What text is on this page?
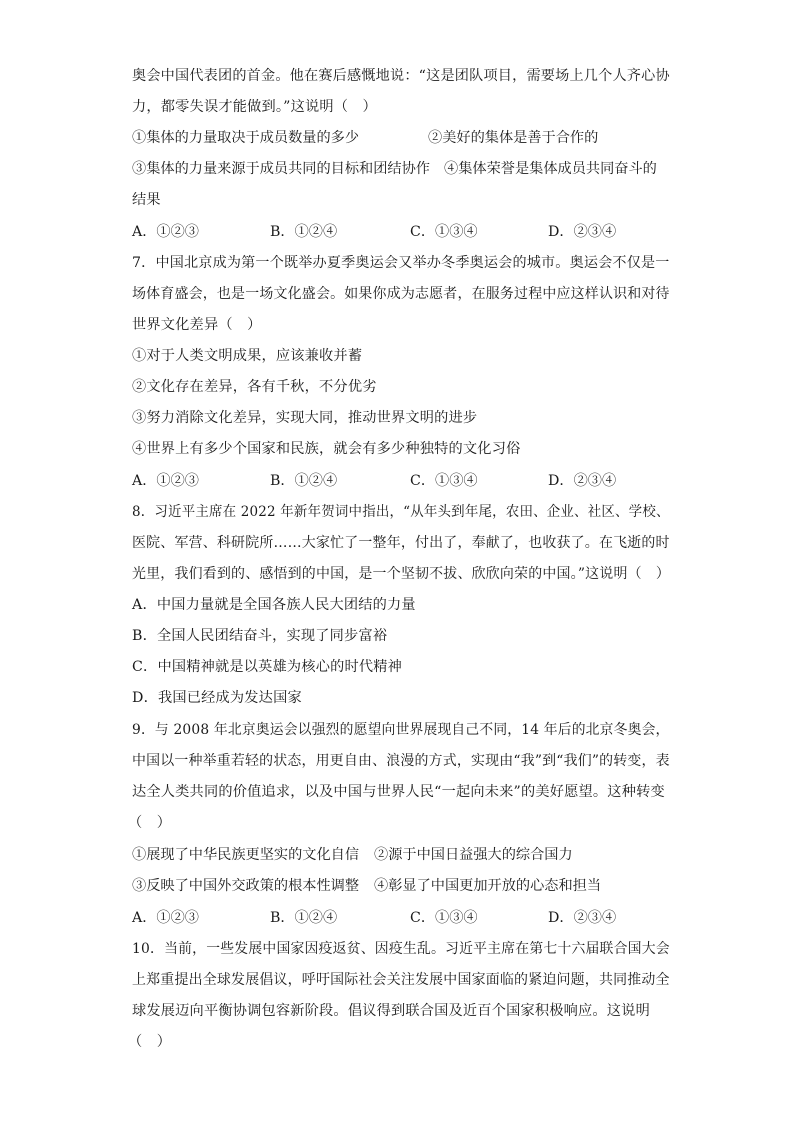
奥会中国代表团的首金。他在赛后感慨地说：“这是团队项目，需要场上几个人齐心协
力，都零失误才能做到。”这说明（　）
①集体的力量取决于成员数量的多少	②美好的集体是善于合作的
③集体的力量来源于成员共同的目标和团结协作 ④集体荣誉是集体成员共同奋斗的
结果
A．①②③	B．①②④	C．①③④	D．②③④
7．中国北京成为第一个既举办夏季奥运会又举办冬季奥运会的城市。奥运会不仅是一
场体育盛会，也是一场文化盛会。如果你成为志愿者，在服务过程中应这样认识和对待
世界文化差异（　）
①对于人类文明成果，应该兼收并蓄
②文化存在差异，各有千秋，不分优劣
③努力消除文化差异，实现大同，推动世界文明的进步
④世界上有多少个国家和民族，就会有多少种独特的文化习俗
A．①②③	B．①②④	C．①③④	D．②③④
8．习近平主席在 2022 年新年贺词中指出，“从年头到年尾，农田、企业、社区、学校、
医院、军营、科研院所……大家忙了一整年，付出了，奉献了，也收获了。在飞逝的时
光里，我们看到的、感悟到的中国，是一个坚韧不拔、欣欣向荣的中国。”这说明（　）
A．中国力量就是全国各族人民大团结的力量
B．全国人民团结奋斗，实现了同步富裕
C．中国精神就是以英雄为核心的时代精神
D．我国已经成为发达国家
9．与 2008 年北京奥运会以强烈的愿望向世界展现自己不同，14 年后的北京冬奥会，
中国以一种举重若轻的状态，用更自由、浪漫的方式，实现由“我”到“我们”的转变，表
达全人类共同的价值追求，以及中国与世界人民“一起向未来”的美好愿望。这种转变
（　）
①展现了中华民族更坚实的文化自信 ②源于中国日益强大的综合国力
③反映了中国外交政策的根本性调整 ④彰显了中国更加开放的心态和担当
A．①②③	B．①②④	C．①③④	D．②③④
10．当前，一些发展中国家因疫返贫、因疫生乱。习近平主席在第七十六届联合国大会
上郑重提出全球发展倡议，呼吁国际社会关注发展中国家面临的紧迫问题，共同推动全
球发展迈向平衡协调包容新阶段。倡议得到联合国及近百个国家积极响应。这说明
（　）
